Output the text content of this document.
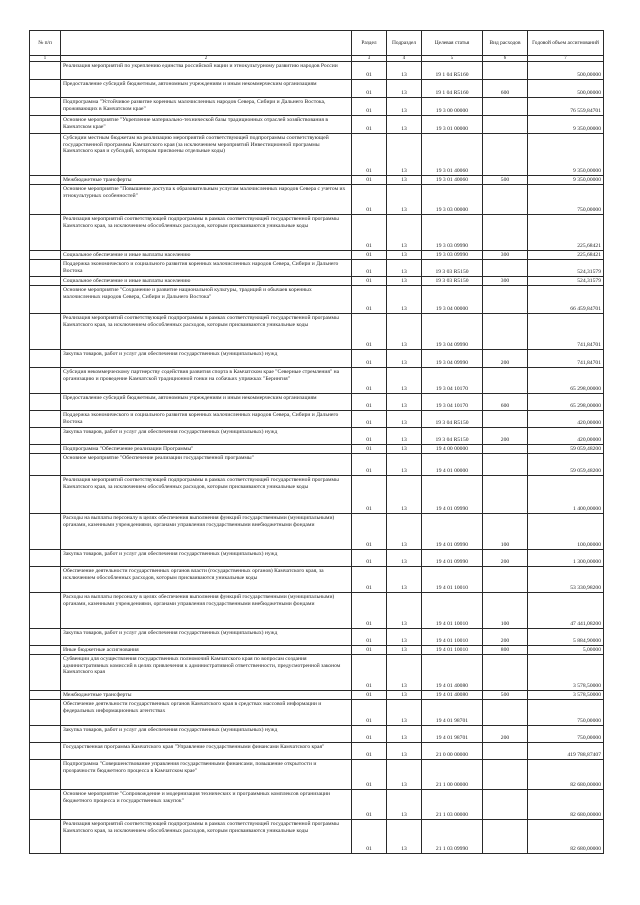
№ п/п		Раздел	Подраздел	Целевая статья	Вид расходов	Годовой объем ассигнований
1	2	3	4	5	6	7
	Реализация мероприятий по укреплению единства российской нации и этнокультурному развитию народов России	01	13	19 1 04 R5160		500,00000
	Предоставление субсидий бюджетным, автономным учреждениям и иным некоммерческим организациям	01	13	19 1 04 R5160	600	500,00000
	Подпрограмма "Устойчивое развитие коренных малочисленных народов Севера, Сибири и Дальнего Востока, проживающих в Камчатском крае"	01	13	19 3 00 00000		76 559,84701
	Основное мероприятие "Укрепление материально-технической базы традиционных отраслей хозяйствования в Камчатском крае"	01	13	19 3 01 00000		9 350,00000
	Субсидии местным бюджетам на реализацию мероприятий соответствующей подпрограммы соответствующей государственной программы Камчатского края (за исключением мероприятий Инвестиционной программы Камчатского края и субсидий, которым присвоены отдельные коды)	01	13	19 3 01 40060		9 350,00000
	Межбюджетные трансферты	01	13	19 3 01 40060	500	9 350,00000
	Основное мероприятие "Повышение доступа к образовательным услугам малочисленных народов Севера с учетом их этнокультурных особенностей"	01	13	19 3 03 00000		750,00000
	Реализация мероприятий соответствующей подпрограммы в рамках соответствующей государственной программы Камчатского края, за исключением обособленных расходов, которым присваиваются уникальные коды	01	13	19 3 03 09990		225,68421
	Социальное обеспечение и иные выплаты населению	01	13	19 3 03 09990	300	225,68421
	Поддержка экономического и социального развития коренных малочисленных народов Севера, Сибири и Дальнего Востока	01	13	19 3 03 R5150		524,31579
	Социальное обеспечение и иные выплаты населению	01	13	19 3 03 R5150	300	524,31579
	Основное мероприятие "Сохранение и развитие национальной культуры, традиций и обычаев коренных малочисленных народов Севера, Сибири и Дальнего Востока"	01	13	19 3 04 00000		66 459,84701
	Реализация мероприятий соответствующей подпрограммы в рамках соответствующей государственной программы Камчатского края, за исключением обособленных расходов, которым присваиваются уникальные коды	01	13	19 3 04 09990		741,84701
	Закупка товаров, работ и услуг для обеспечения государственных (муниципальных) нужд	01	13	19 3 04 09990	200	741,84701
	Субсидия некоммерческому партнерству содействия развития спорта в Камчатском крае "Северные стремления" на организацию и проведение Камчатской традиционной гонки на собачьих упряжках "Берингия"	01	13	19 3 04 10170		65 298,00000
	Предоставление субсидий бюджетным, автономным учреждениям и иным некоммерческим организациям	01	13	19 3 04 10170	600	65 298,00000
	Поддержка экономического и социального развития коренных малочисленных народов Севера, Сибири и Дальнего Востока	01	13	19 3 04 R5150		420,00000
	Закупка товаров, работ и услуг для обеспечения государственных (муниципальных) нужд	01	13	19 3 04 R5150	200	420,00000
	Подпрограмма "Обеспечение реализации Программы"	01	13	19 4 00 00000		59 059,48200
	Основное мероприятие "Обеспечение реализации государственной программы"	01	13	19 4 01 00000		59 059,48200
	Реализация мероприятий соответствующей подпрограммы в рамках соответствующей государственной программы Камчатского края, за исключением обособленных расходов, которым присваиваются уникальные коды	01	13	19 4 01 09990		1 400,00000
	Расходы на выплаты персоналу в целях обеспечения выполнения функций государственными (муниципальными) органами, казенными учреждениями, органами управления государственными внебюджетными фондами	01	13	19 4 01 09990	100	100,00000
	Закупка товаров, работ и услуг для обеспечения государственных (муниципальных) нужд	01	13	19 4 01 09990	200	1 300,00000
	Обеспечение деятельности государственных органов власти (государственных органов) Камчатского края, за исключением обособленных расходов, которым присваиваются уникальные коды	01	13	19 4 01 10010		53 330,98200
	Расходы на выплаты персоналу в целях обеспечения выполнения функций государственными (муниципальными) органами, казенными учреждениями, органами управления государственными внебюджетными фондами	01	13	19 4 01 10010	100	47 441,08200
	Закупка товаров, работ и услуг для обеспечения государственных (муниципальных) нужд	01	13	19 4 01 10010	200	5 884,90000
	Иные бюджетные ассигнования	01	13	19 4 01 10010	800	5,00000
	Субвенции для осуществления государственных полномочий Камчатского края по вопросам создания административных комиссий в целях привлечения к административной ответственности, предусмотренной законом Камчатского края	01	13	19 4 01 40080		3 578,50000
	Межбюджетные трансферты	01	13	19 4 01 40080	500	3 578,50000
	Обеспечение деятельности государственных органов Камчатского края в средствах массовой информации и федеральных информационных агентствах	01	13	19 4 01 98701		750,00000
	Закупка товаров, работ и услуг для обеспечения государственных (муниципальных) нужд	01	13	19 4 01 98701	200	750,00000
	Государственная программа Камчатского края "Управление государственными финансами Камчатского края"	01	13	21 0 00 00000		419 788,87407
	Подпрограмма "Совершенствование управления государственными финансами, повышение открытости и прозрачности бюджетного процесса в Камчатском крае"	01	13	21 1 00 00000		82 680,00000
	Основное мероприятие "Сопровождение и модернизация технических и программных комплексов организации бюджетного процесса и государственных закупок"	01	13	21 1 03 00000		82 680,00000
	Реализация мероприятий соответствующей подпрограммы в рамках соответствующей государственной программы Камчатского края, за исключением обособленных расходов, которым присваиваются уникальные коды	01	13	21 1 03 09990		82 680,00000
